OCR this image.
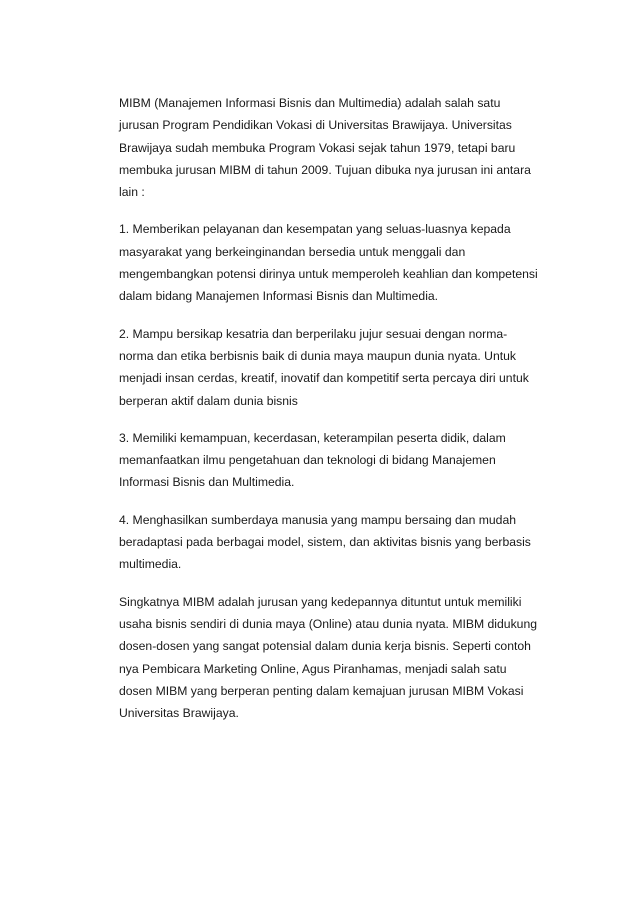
MIBM (Manajemen Informasi Bisnis dan Multimedia) adalah salah satu
jurusan Program Pendidikan Vokasi di Universitas Brawijaya. Universitas
Brawijaya sudah membuka Program Vokasi sejak tahun 1979, tetapi baru
membuka jurusan MIBM di tahun 2009. Tujuan dibuka nya jurusan ini antara
lain :

1. Memberikan pelayanan dan kesempatan yang seluas-luasnya kepada
masyarakat yang berkeinginandan bersedia untuk menggali dan
mengembangkan potensi dirinya untuk memperoleh keahlian dan kompetensi
dalam bidang Manajemen Informasi Bisnis dan Multimedia.

2. Mampu bersikap kesatria dan berperilaku jujur sesuai dengan norma-
norma dan etika berbisnis baik di dunia maya maupun dunia nyata. Untuk
menjadi insan cerdas, kreatif, inovatif dan kompetitif serta percaya diri untuk
berperan aktif dalam dunia bisnis

3. Memiliki kemampuan, kecerdasan, keterampilan peserta didik, dalam
memanfaatkan ilmu pengetahuan dan teknologi di bidang Manajemen
Informasi Bisnis dan Multimedia.

4. Menghasilkan sumberdaya manusia yang mampu bersaing dan mudah
beradaptasi pada berbagai model, sistem, dan aktivitas bisnis yang berbasis
multimedia.

Singkatnya MIBM adalah jurusan yang kedepannya dituntut untuk memiliki
usaha bisnis sendiri di dunia maya (Online) atau dunia nyata. MIBM didukung
dosen-dosen yang sangat potensial dalam dunia kerja bisnis. Seperti contoh
nya Pembicara Marketing Online, Agus Piranhamas, menjadi salah satu
dosen MIBM yang berperan penting dalam kemajuan jurusan MIBM Vokasi
Universitas Brawijaya.
